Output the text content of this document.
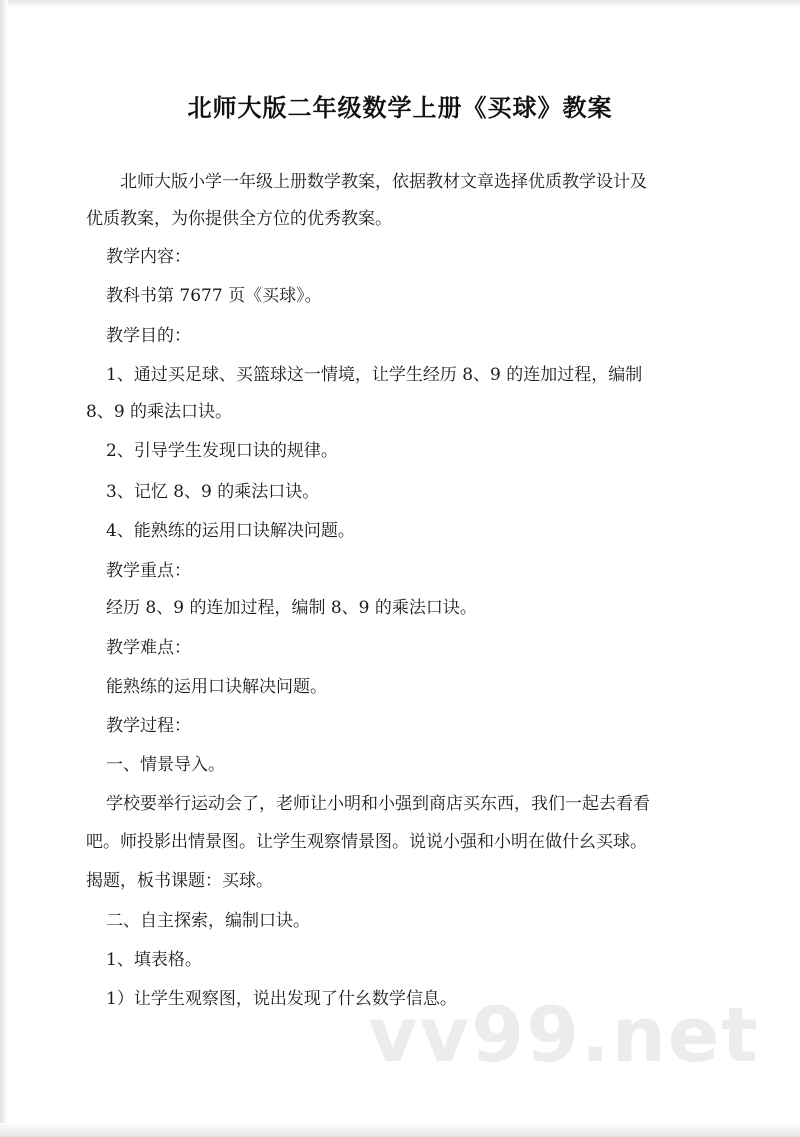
北师大版二年级数学上册《买球》教案
北师大版小学一年级上册数学教案，依据教材文章选择优质教学设计及
优质教案，为你提供全方位的优秀教案。
教学内容：
教科书第 7677 页《买球》。
教学目的：
1、通过买足球、买篮球这一情境，让学生经历 8、9 的连加过程，编制
8、9 的乘法口诀。
2、引导学生发现口诀的规律。
3、记忆 8、9 的乘法口诀。
4、能熟练的运用口诀解决问题。
教学重点：
经历 8、9 的连加过程，编制 8、9 的乘法口诀。
教学难点：
能熟练的运用口诀解决问题。
教学过程：
一、情景导入。
学校要举行运动会了，老师让小明和小强到商店买东西，我们一起去看看
吧。师投影出情景图。让学生观察情景图。说说小强和小明在做什幺买球。
揭题，板书课题：买球。
二、自主探索，编制口诀。
1、填表格。
1）让学生观察图，说出发现了什幺数学信息。
vv99.net
